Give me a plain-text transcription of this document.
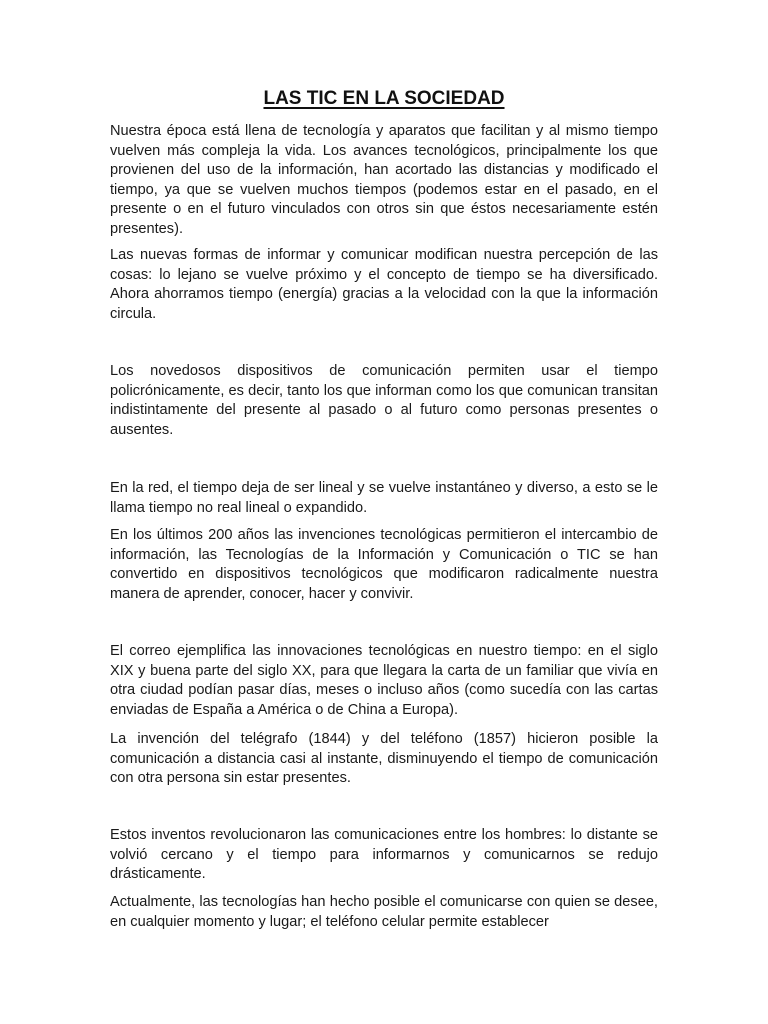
LAS TIC EN LA SOCIEDAD

Nuestra época está llena de tecnología y aparatos que facilitan y al mismo tiempo vuelven más compleja la vida. Los avances tecnológicos, principalmente los que provienen del uso de la información, han acortado las distancias y modificado el tiempo, ya que se vuelven muchos tiempos (podemos estar en el pasado, en el presente o en el futuro vinculados con otros sin que éstos necesariamente estén presentes).

Las nuevas formas de informar y comunicar modifican nuestra percepción de las cosas: lo lejano se vuelve próximo y el concepto de tiempo se ha diversificado. Ahora ahorramos tiempo (energía) gracias a la velocidad con la que la información circula.

Los novedosos dispositivos de comunicación permiten usar el tiempo policrónicamente, es decir, tanto los que informan como los que comunican transitan indistintamente del presente al pasado o al futuro como personas presentes o ausentes.

En la red, el tiempo deja de ser lineal y se vuelve instantáneo y diverso, a esto se le llama tiempo no real lineal o expandido.

En los últimos 200 años las invenciones tecnológicas permitieron el intercambio de información, las Tecnologías de la Información y Comunicación o TIC se han convertido en dispositivos tecnológicos que modificaron radicalmente nuestra manera de aprender, conocer, hacer y convivir.

El correo ejemplifica las innovaciones tecnológicas en nuestro tiempo: en el siglo XIX y buena parte del siglo XX, para que llegara la carta de un familiar que vivía en otra ciudad podían pasar días, meses o incluso años (como sucedía con las cartas enviadas de España a América o de China a Europa).

La invención del telégrafo (1844) y del teléfono (1857) hicieron posible la comunicación a distancia casi al instante, disminuyendo el tiempo de comunicación con otra persona sin estar presentes.

Estos inventos revolucionaron las comunicaciones entre los hombres: lo distante se volvió cercano y el tiempo para informarnos y comunicarnos se redujo drásticamente.

Actualmente, las tecnologías han hecho posible el comunicarse con quien se desee, en cualquier momento y lugar; el teléfono celular permite establecer
